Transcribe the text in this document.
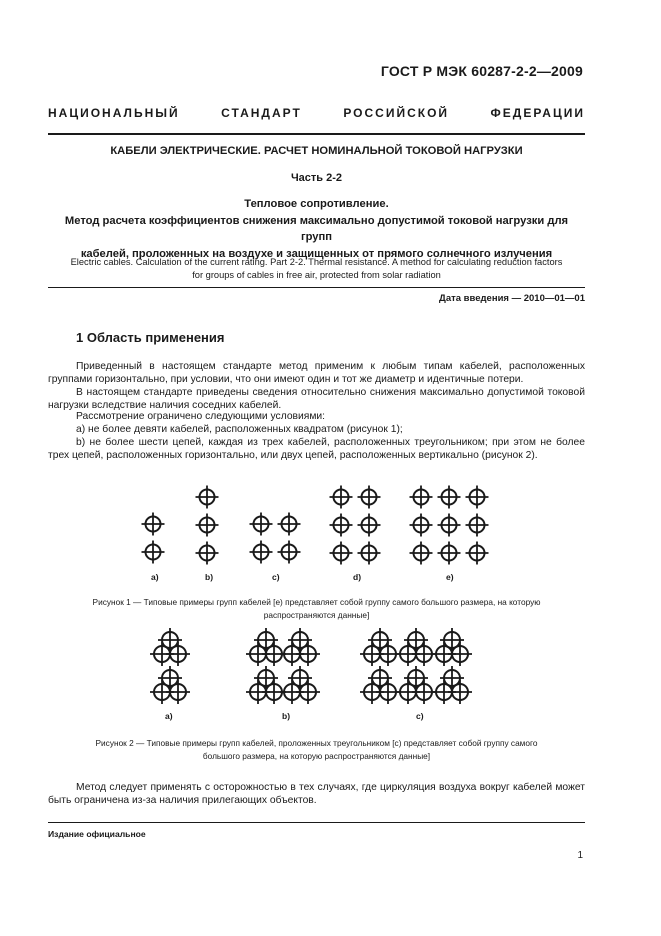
ГОСТ Р МЭК 60287-2-2—2009
НАЦИОНАЛЬНЫЙ СТАНДАРТ РОССИЙСКОЙ ФЕДЕРАЦИИ
КАБЕЛИ ЭЛЕКТРИЧЕСКИЕ. РАСЧЕТ НОМИНАЛЬНОЙ ТОКОВОЙ НАГРУЗКИ
Часть 2-2
Тепловое сопротивление.
Метод расчета коэффициентов снижения максимально допустимой токовой нагрузки для групп
кабелей, проложенных на воздухе и защищенных от прямого солнечного излучения
Electric cables. Calculation of the current rating. Part 2-2. Thermal resistance. A method for calculating reduction factors
for groups of cables in free air, protected from solar radiation
Дата введения — 2010—01—01
1 Область применения
Приведенный в настоящем стандарте метод применим к любым типам кабелей, расположенных группами горизонтально, при условии, что они имеют один и тот же диаметр и идентичные потери.
В настоящем стандарте приведены сведения относительно снижения максимально допустимой токовой нагрузки вследствие наличия соседних кабелей.
Рассмотрение ограничено следующими условиями:
a) не более девяти кабелей, расположенных квадратом (рисунок 1);
b) не более шести цепей, каждая из трех кабелей, расположенных треугольником; при этом не более трех цепей, расположенных горизонтально, или двух цепей, расположенных вертикально (рисунок 2).
a)	b)	c)	d)	e)
Рисунок 1 — Типовые примеры групп кабелей [е) представляет собой группу самого большого размера, на которую
распространяются данные]
a)	b)	c)
Рисунок 2 — Типовые примеры групп кабелей, проложенных треугольником [c) представляет собой группу самого
большого размера, на которую распространяются данные]
Метод следует применять с осторожностью в тех случаях, где циркуляция воздуха вокруг кабелей может быть ограничена из-за наличия прилегающих объектов.
Издание официальное
1
